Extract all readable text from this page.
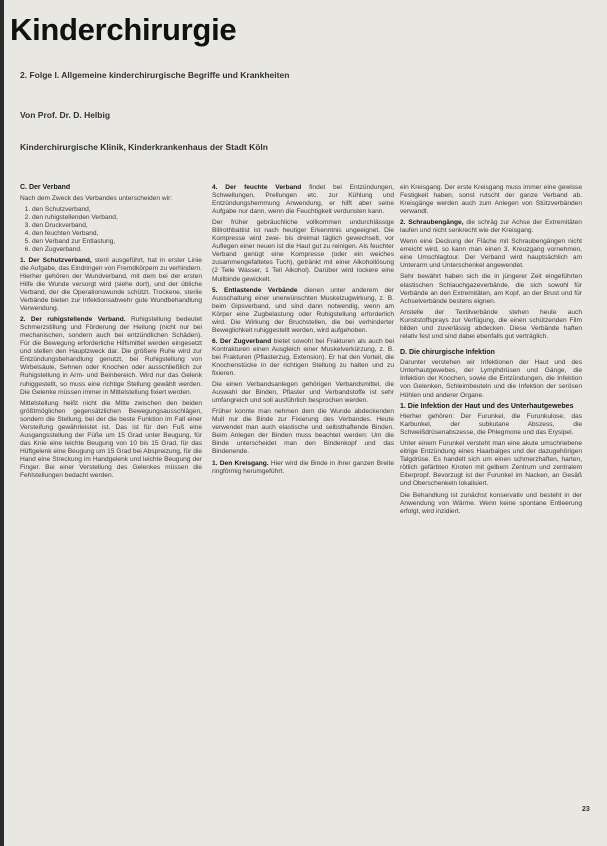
Kinderchirurgie
2. Folge I. Allgemeine kinderchirurgische Begriffe und Krankheiten
Von Prof. Dr. D. Helbig
Kinderchirurgische Klinik, Kinderkrankenhaus der Stadt Köln
C. Der Verband

Nach dem Zweck des Verbandes unterscheiden wir:

1. den Schutzverband,
2. den ruhigstellenden Verband,
3. den Druckverband,
4. den feuchten Verband,
5. den Verband zur Entlastung,
6. den Zugverband.

1. Der Schutzverband, steril ausgeführt, hat in erster Linie die Aufgabe, das Eindringen von Fremdkörpern zu verhindern. Hierher gehören der Wundverband, mit dem bei der ersten Hilfe die Wunde versorgt wird (siehe dort), und der übliche Verband, der die Operationswunde schützt. Trockene, sterile Verbände bieten zur Infektionsabwehr gute Wundbehandlung Verwendung.

2. Der ruhigstellende Verband. Ruhigstellung bedeutet Schmerzstillung und Förderung der Heilung (nicht nur bei mechanischen, sondern auch bei entzündlichen Schäden). Für die Bewegung erforderliche Hilfsmittel werden eingesetzt und stellen den Hauptzweck dar. Die größere Ruhe wird zur Entzündungsbehandlung genutzt, bei Ruhigstellung von Wirbelsäule, Sehnen oder Knochen oder ausschließlich zur Ruhigstellung in Arm- und Beinbereich. Wird nur das Gelenk ruhiggestellt, so muss eine richtige Stellung gewählt werden. Die Gelenke müssen immer in Mittelstellung fixiert werden.

Mittelstellung heißt nicht die Mitte zwischen den beiden größtmöglichen gegensätzlichen Bewegungsausschlägen, sondern die Stellung, bei der die beste Funktion im Fall einer Versteifung gewährleistet ist. Das ist für den Fuß eine Ausgangsstellung der Füße um 15 Grad unter Beugung, für das Knie eine leichte Beugung von 10 bis 15 Grad, für das Hüftgelenk eine Beugung um 15 Grad bei Abspreizung, für die Hand eine Streckung im Handgelenk und leichte Beugung der Finger. Bei einer Verstellung des Gelenkes müssen die Fehlstellungen bedacht werden.

4. Der feuchte Verband findet bei Entzündungen, Schwellungen, Prellungen etc. zur Kühlung und Entzündungshemmung Anwendung, er hilft aber seine Aufgabe nur dann, wenn die Feuchtigkeit verdunsten kann.

Der früher gebräuchliche vollkommen undurchlässige Billrothbattist ist nach heutiger Erkenntnis ungeeignet. Die Kompresse wird zwei- bis dreimal täglich gewechselt, vor Auflegen einer neuen ist die Haut gut zu reinigen. Als feuchter Verband genügt eine Kompresse (oder ein weiches zusammengefaltetes Tuch), getränkt mit einer Alkohollösung (2 Teile Wasser, 1 Teil Alkohol). Darüber wird lockere eine Mullbinde gewickelt.

5. Entlastende Verbände dienen unter anderem der Ausschaltung einer unerwünschten Muskelzugwirkung, z. B. beim Gipsverband, und sind dann notwendig, wenn am Körper eine Zugbelastung oder Ruhigstellung erforderlich wird. Die Wirkung der Bruchstellen, die bei verhinderter Beweglichkeit ruhiggestellt werden, wird aufgehoben.

6. Der Zugverband bietet sowohl bei Frakturen als auch bei Kontrakturen einen Ausgleich einer Muskelverkürzung, z. B. bei Frakturen (Pflasterzug, Extension). Er hat den Vorteil, die Knochenstücke in der richtigen Stellung zu halten und zu fixieren.

Die einen Verbandsanlegen gehörigen Verbandsmittel, die Auswahl der Binden, Pflaster und Verbandstoffe ist sehr umfangreich und soll ausführlich besprochen werden.

Früher konnte man nehmen dem die Wunde abdeckenden Mull nur die Binde zur Fixierung des Verbandes. Heute verwendet man auch elastische und selbsthaftende Binden. Beim Anlegen der Binden muss beachtet werden: Um die Binde unterscheidet man den Bindenkopf und das Bindenende.

1. Den Kreisgang. Hier wird die Binde in ihrer ganzen Breite ringförmig herumgeführt.

ein Kreisgang. Der erste Kreisgang muss immer eine gewisse Festigkeit haben, sonst rutscht der ganze Verband ab. Kreisgänge werden auch zum Anlegen von Stützverbänden verwandt.

2. Schraubengänge, die schräg zur Achse der Extremitäten laufen und nicht senkrecht wie der Kreisgang.

Wenn eine Deckung der Fläche mit Schraubengängen nicht erreicht wird, so kann man einen 3. Kreuzgang vornehmen, eine Umschlagtour. Der Verband wird hauptsächlich am Unterarm und Unterschenkel angewendet.

Sehr bewährt haben sich die in jüngerer Zeit eingeführten elastischen Schlauchgazeverbände, die sich sowohl für Verbände an den Extremitäten, am Kopf, an der Brust und für Achselverbände bestens eignen.

Anstelle der Textilverbände stehen heute auch Kunststoffsprays zur Verfügung, die einen schützenden Film bilden und zuverlässig abdecken. Diese Verbände haften relativ fest und sind dabei ebenfalls gut verträglich.

D. Die chirurgische Infektion

Darunter verstehen wir Infektionen der Haut und des Unterhautgewebes, der Lymphdrüsen und Gänge, die Infektion der Knochen, sowie die Entzündungen, die Infektion von Gelenken, Schleimbeuteln und die Infektion der serösen Höhlen und anderer Organe.

1. Die Infektion der Haut und des Unterhautgewebes

Hierher gehören: Der Furunkel, die Furunkulose, das Karbunkel, der subkutane Abszess, die Schweißdrüsenabszesse, die Phlegmone und das Erysipel.

Unter einem Furunkel versteht man eine akute umschriebene eitrige Entzündung eines Haarbalges und der dazugehörigen Talgdrüse. Es handelt sich um einen schmerzhaften, harten, rötlich gefärbten Knoten mit gelbem Zentrum und zentralem Eiterpropf. Bevorzugt ist der Furunkel im Nacken, an Gesäß und Oberschenkeln lokalisiert.

Die Behandlung ist zunächst konservativ und besteht in der Anwendung von Wärme. Wenn keine spontane Entleerung erfolgt, wird inzidiert.

23
